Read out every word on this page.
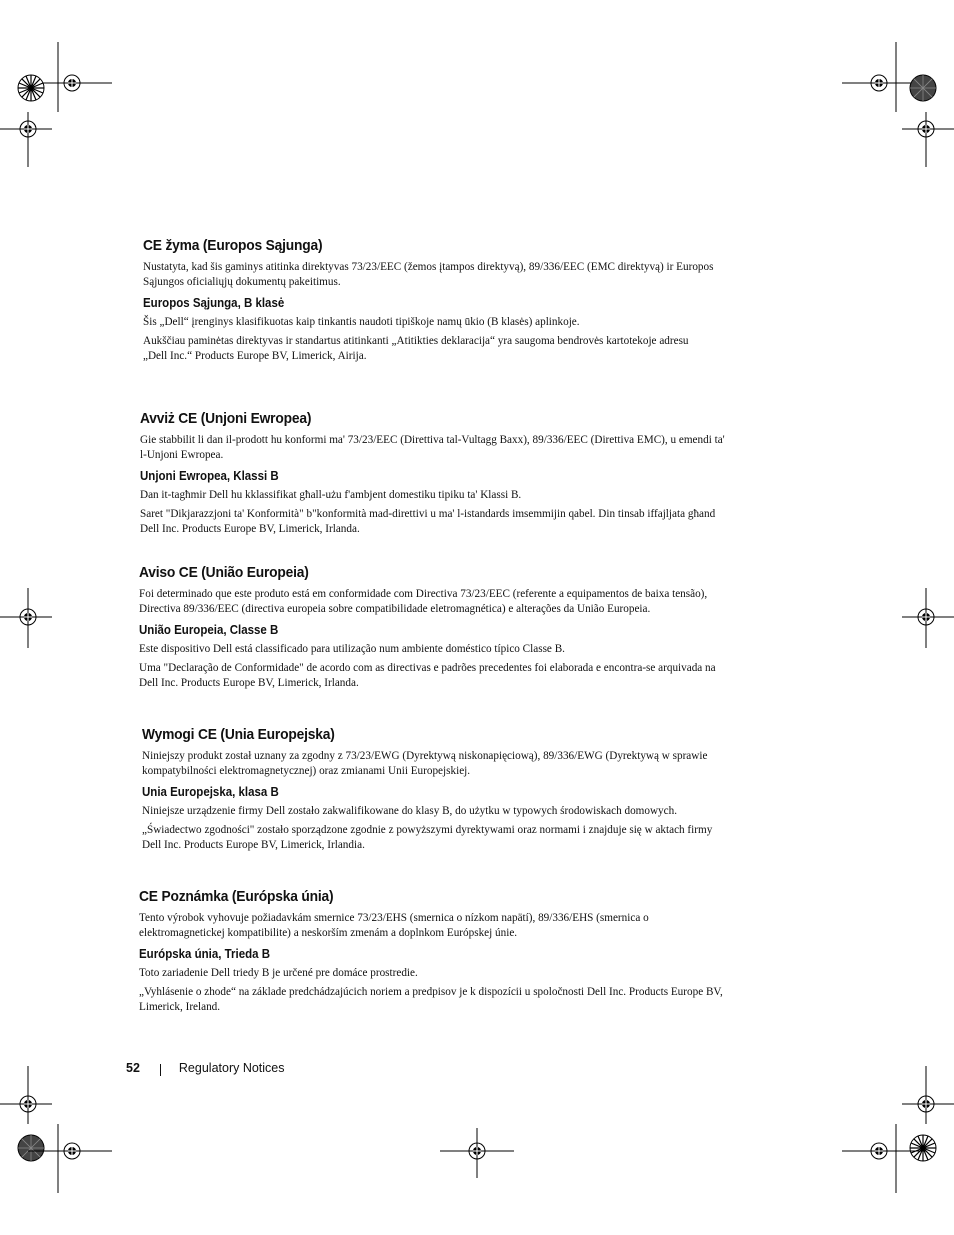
CE žyma (Europos Sąjunga)

Nustatyta, kad šis gaminys atitinka direktyvas 73/23/EEC (žemos įtampos direktyvą), 89/336/EEC (EMC direktyvą) ir Europos

Sąjungos oficialiųjų dokumentų pakeitimus.

Europos Sąjunga, B klasė

Šis „Dell“ įrenginys klasifikuotas kaip tinkantis naudoti tipiškoje namų ūkio (B klasės) aplinkoje.

Aukščiau paminėtas direktyvas ir standartus atitinkanti „Atitikties deklaracija“ yra saugoma bendrovės kartotekoje adresu

„Dell Inc.“ Products Europe BV, Limerick, Airija.

Avviż CE (Unjoni Ewropea)

Gie stabbilit li dan il-prodott hu konformi ma' 73/23/EEC (Direttiva tal-Vultagg Baxx), 89/336/EEC (Direttiva EMC), u emendi ta'

l-Unjoni Ewropea.

Unjoni Ewropea, Klassi B

Dan it-tagħmir Dell hu kklassifikat għall-użu f'ambjent domestiku tipiku ta' Klassi B.

Saret "Dikjarazzjoni ta' Konformità" b"konformità mad-direttivi u ma' l-istandards imsemmijin qabel. Din tinsab iffajljata għand

Dell Inc. Products Europe BV, Limerick, Irlanda.

Aviso CE (União Europeia)

Foi determinado que este produto está em conformidade com Directiva 73/23/EEC (referente a equipamentos de baixa tensão),

Directiva 89/336/EEC (directiva europeia sobre compatibilidade eletromagnética) e alterações da União Europeia.

União Europeia, Classe B

Este dispositivo Dell está classificado para utilização num ambiente doméstico típico Classe B.

Uma "Declaração de Conformidade" de acordo com as directivas e padrões precedentes foi elaborada e encontra-se arquivada na

Dell Inc. Products Europe BV, Limerick, Irlanda.

Wymogi CE (Unia Europejska)

Niniejszy produkt został uznany za zgodny z 73/23/EWG (Dyrektywą niskonapięciową), 89/336/EWG (Dyrektywą w sprawie

kompatybilności elektromagnetycznej) oraz zmianami Unii Europejskiej.

Unia Europejska, klasa B

Niniejsze urządzenie firmy Dell zostało zakwalifikowane do klasy B, do użytku w typowych środowiskach domowych.

„Świadectwo zgodności" zostało sporządzone zgodnie z powyższymi dyrektywami oraz normami i znajduje się w aktach firmy

Dell Inc. Products Europe BV, Limerick, Irlandia.

CE Poznámka (Európska únia)

Tento výrobok vyhovuje požiadavkám smernice 73/23/EHS (smernica o nízkom napätí), 89/336/EHS (smernica o

elektromagnetickej kompatibilite) a neskorším zmenám a doplnkom Európskej únie.

Európska únia, Trieda B

Toto zariadenie Dell triedy B je určené pre domáce prostredie.

„Vyhlásenie o zhode“ na základe predchádzajúcich noriem a predpisov je k dispozícii u spoločnosti Dell Inc. Products Europe BV,

Limerick, Ireland.

52	Regulatory Notices
